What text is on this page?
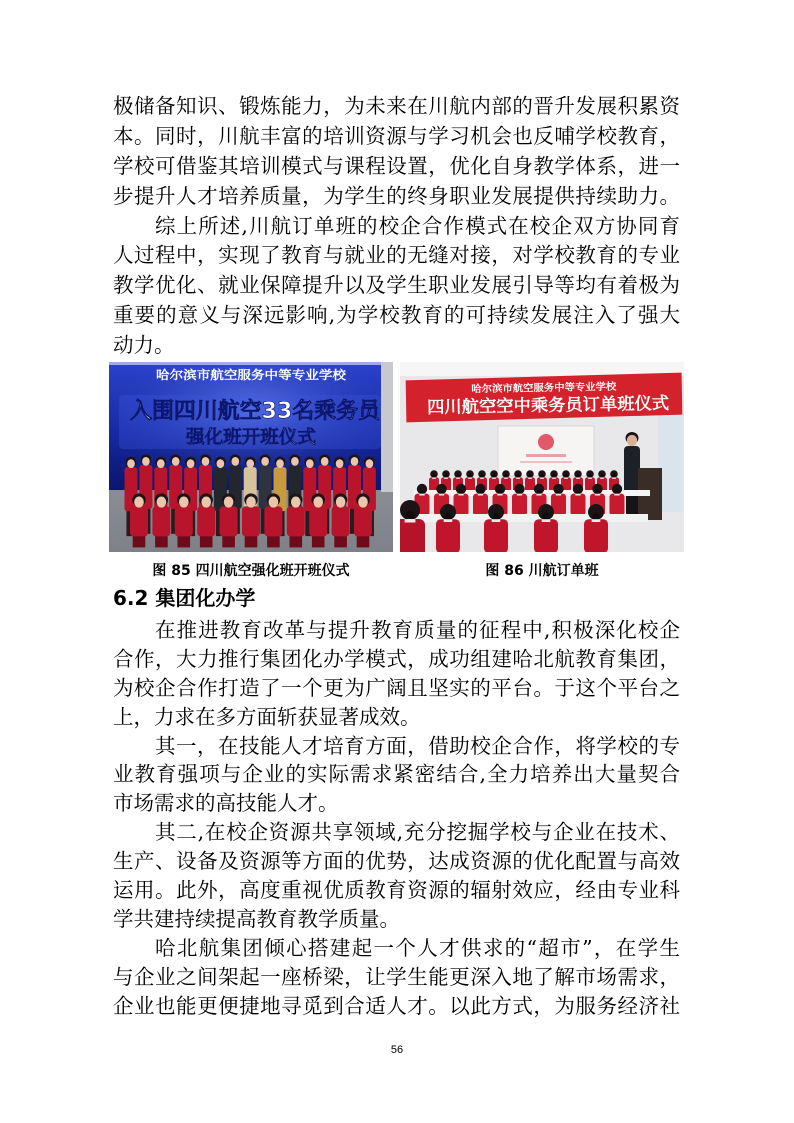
极储备知识、锻炼能力，为未来在川航内部的晋升发展积累资
本。同时，川航丰富的培训资源与学习机会也反哺学校教育，
学校可借鉴其培训模式与课程设置，优化自身教学体系，进一
步提升人才培养质量，为学生的终身职业发展提供持续助力。
综上所述,川航订单班的校企合作模式在校企双方协同育
人过程中，实现了教育与就业的无缝对接，对学校教育的专业
教学优化、就业保障提升以及学生职业发展引导等均有着极为
重要的意义与深远影响,为学校教育的可持续发展注入了强大
动力。
哈尔滨市航空服务中等专业学校
入围四川航空33名乘务员
强化班开班仪式
图 85 四川航空强化班开班仪式
哈尔滨市航空服务中等专业学校
四川航空空中乘务员订单班仪式
图 86 川航订单班
6.2 集团化办学
在推进教育改革与提升教育质量的征程中,积极深化校企
合作，大力推行集团化办学模式，成功组建哈北航教育集团，
为校企合作打造了一个更为广阔且坚实的平台。于这个平台之
上，力求在多方面斩获显著成效。
其一，在技能人才培育方面，借助校企合作，将学校的专
业教育强项与企业的实际需求紧密结合,全力培养出大量契合
市场需求的高技能人才。
其二,在校企资源共享领域,充分挖掘学校与企业在技术、
生产、设备及资源等方面的优势，达成资源的优化配置与高效
运用。此外，高度重视优质教育资源的辐射效应，经由专业科
学共建持续提高教育教学质量。
哈北航集团倾心搭建起一个人才供求的“超市”，在学生
与企业之间架起一座桥梁，让学生能更深入地了解市场需求，
企业也能更便捷地寻觅到合适人才。以此方式，为服务经济社
56
